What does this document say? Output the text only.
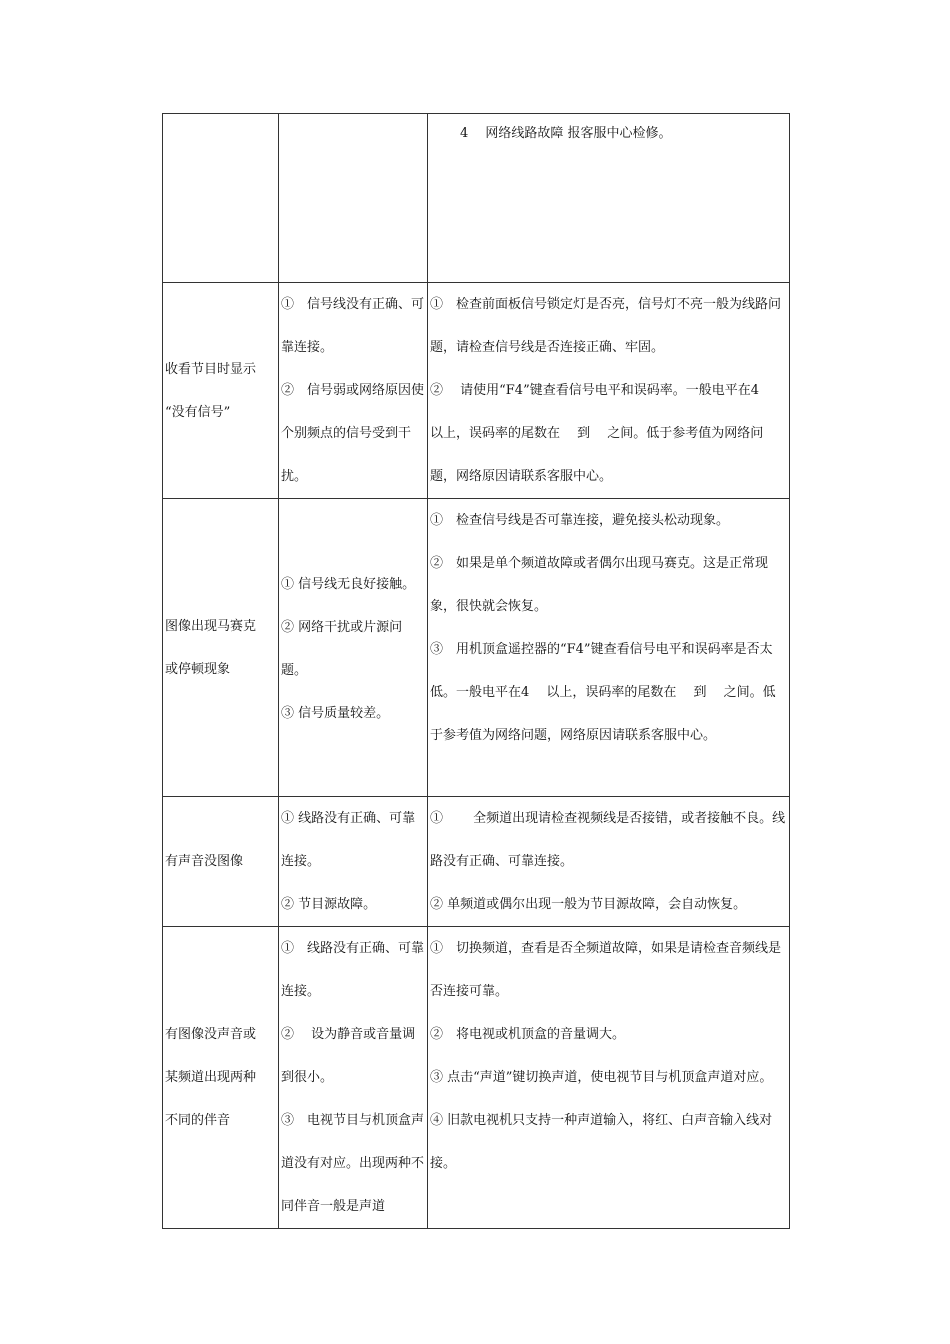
		4　 网络线路故障 报客服中心检修。

收看节目时显示
“没有信号”	①　信号线没有正确、可靠连接。
②　信号弱或网络原因使个别频点的信号受到干扰。	①　检查前面板信号锁定灯是否亮，信号灯不亮一般为线路问题，请检查信号线是否连接正确、牢固。
②　 请使用“F4”键查看信号电平和误码率。一般电平在4　 以上，误码率的尾数在　 到　 之间。低于参考值为网络问题，网络原因请联系客服中心。

图像出现马赛克
或停顿现象	① 信号线无良好接触。
② 网络干扰或片源问题。
③ 信号质量较差。	①　检查信号线是否可靠连接，避免接头松动现象。
②　如果是单个频道故障或者偶尔出现马赛克。这是正常现象，很快就会恢复。
③　用机顶盒遥控器的“F4”键查看信号电平和误码率是否太低。一般电平在4　 以上，误码率的尾数在　 到　 之间。低于参考值为网络问题，网络原因请联系客服中心。

有声音没图像	① 线路没有正确、可靠连接。
② 节目源故障。	①　　 全频道出现请检查视频线是否接错，或者接触不良。线路没有正确、可靠连接。
② 单频道或偶尔出现一般为节目源故障，会自动恢复。

有图像没声音或
某频道出现两种
不同的伴音	①　线路没有正确、可靠连接。
②　 设为静音或音量调到很小。
③　电视节目与机顶盒声道没有对应。出现两种不同伴音一般是声道	①　切换频道，查看是否全频道故障，如果是请检查音频线是否连接可靠。
②　将电视或机顶盒的音量调大。
③ 点击“声道”键切换声道，使电视节目与机顶盒声道对应。
④ 旧款电视机只支持一种声道输入，将红、白声音输入线对接。
